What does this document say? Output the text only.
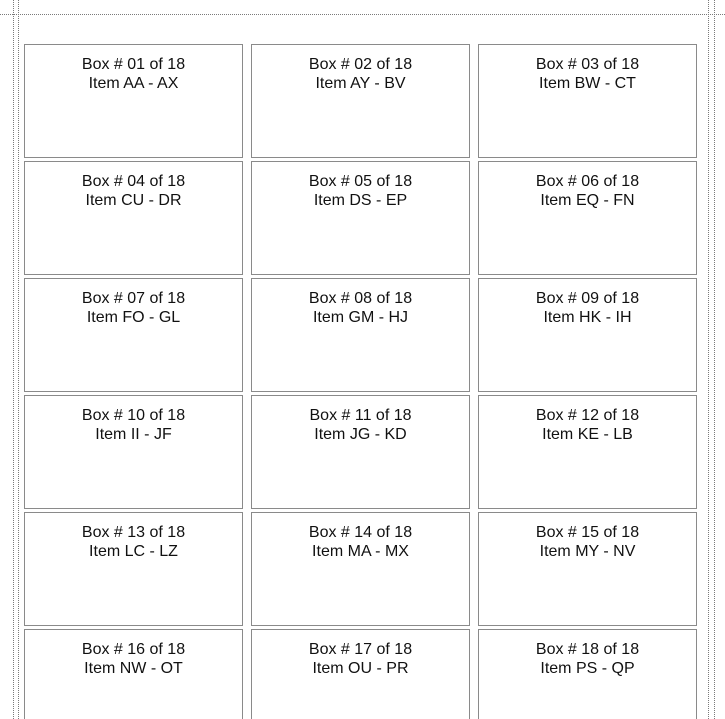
Box # 01 of 18
Item AA - AX
Box # 02 of 18
Item AY - BV
Box # 03 of 18
Item BW - CT
Box # 04 of 18
Item CU - DR
Box # 05 of 18
Item DS - EP
Box # 06 of 18
Item EQ - FN
Box # 07 of 18
Item FO - GL
Box # 08 of 18
Item GM - HJ
Box # 09 of 18
Item HK - IH
Box # 10 of 18
Item II - JF
Box # 11 of 18
Item JG - KD
Box # 12 of 18
Item KE - LB
Box # 13 of 18
Item LC - LZ
Box # 14 of 18
Item MA - MX
Box # 15 of 18
Item MY - NV
Box # 16 of 18
Item NW - OT
Box # 17 of 18
Item OU - PR
Box # 18 of 18
Item PS - QP
